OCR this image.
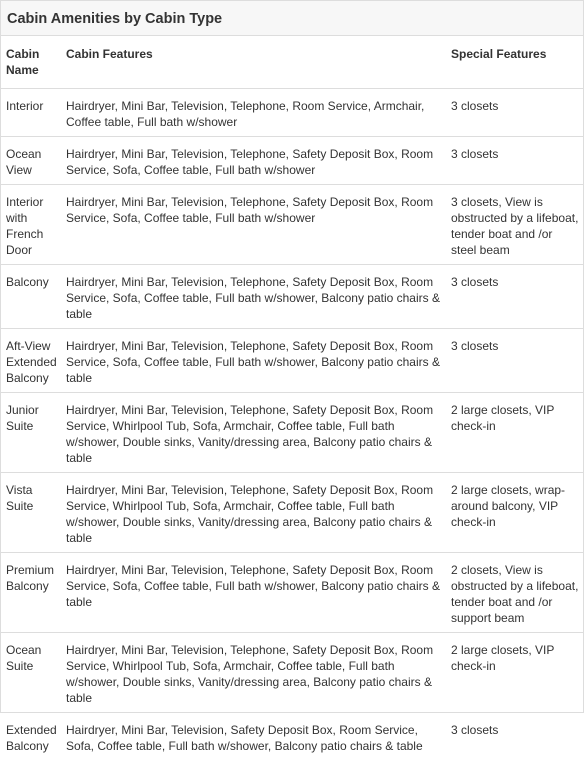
Cabin Amenities by Cabin Type
Cabin Name	Cabin Features	Special Features
Interior	Hairdryer, Mini Bar, Television, Telephone, Room Service, Armchair, Coffee table, Full bath w/shower	3 closets
Ocean View	Hairdryer, Mini Bar, Television, Telephone, Safety Deposit Box, Room Service, Sofa, Coffee table, Full bath w/shower	3 closets
Interior with French Door	Hairdryer, Mini Bar, Television, Telephone, Safety Deposit Box, Room Service, Sofa, Coffee table, Full bath w/shower	3 closets, View is obstructed by a lifeboat, tender boat and /or steel beam
Balcony	Hairdryer, Mini Bar, Television, Telephone, Safety Deposit Box, Room Service, Sofa, Coffee table, Full bath w/shower, Balcony patio chairs & table	3 closets
Aft-View Extended Balcony	Hairdryer, Mini Bar, Television, Telephone, Safety Deposit Box, Room Service, Sofa, Coffee table, Full bath w/shower, Balcony patio chairs & table	3 closets
Junior Suite	Hairdryer, Mini Bar, Television, Telephone, Safety Deposit Box, Room Service, Whirlpool Tub, Sofa, Armchair, Coffee table, Full bath w/shower, Double sinks, Vanity/dressing area, Balcony patio chairs & table	2 large closets, VIP check-in
Vista Suite	Hairdryer, Mini Bar, Television, Telephone, Safety Deposit Box, Room Service, Whirlpool Tub, Sofa, Armchair, Coffee table, Full bath w/shower, Double sinks, Vanity/dressing area, Balcony patio chairs & table	2 large closets, wrap-around balcony, VIP check-in
Premium Balcony	Hairdryer, Mini Bar, Television, Telephone, Safety Deposit Box, Room Service, Sofa, Coffee table, Full bath w/shower, Balcony patio chairs & table	2 closets, View is obstructed by a lifeboat, tender boat and /or support beam
Ocean Suite	Hairdryer, Mini Bar, Television, Telephone, Safety Deposit Box, Room Service, Whirlpool Tub, Sofa, Armchair, Coffee table, Full bath w/shower, Double sinks, Vanity/dressing area, Balcony patio chairs & table	2 large closets, VIP check-in
Extended Balcony	Hairdryer, Mini Bar, Television, Safety Deposit Box, Room Service, Sofa, Coffee table, Full bath w/shower, Balcony patio chairs & table	3 closets
